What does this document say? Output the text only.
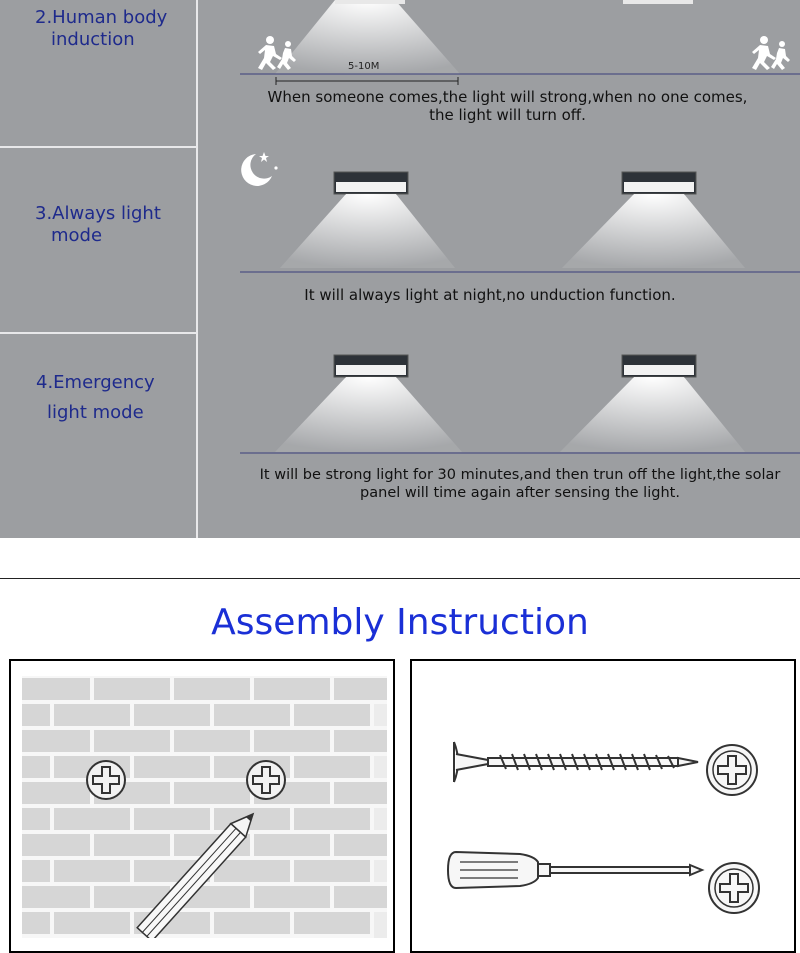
2.Human body
induction
3.Always light
mode
4.Emergency
light mode
5-10M
When someone comes,the light will strong,when no one comes,
the light will turn off.
It will always light at night,no unduction function.
It will be strong light for 30 minutes,and then trun off the light,the solar
panel will time again after sensing the light.
Assembly Instruction
